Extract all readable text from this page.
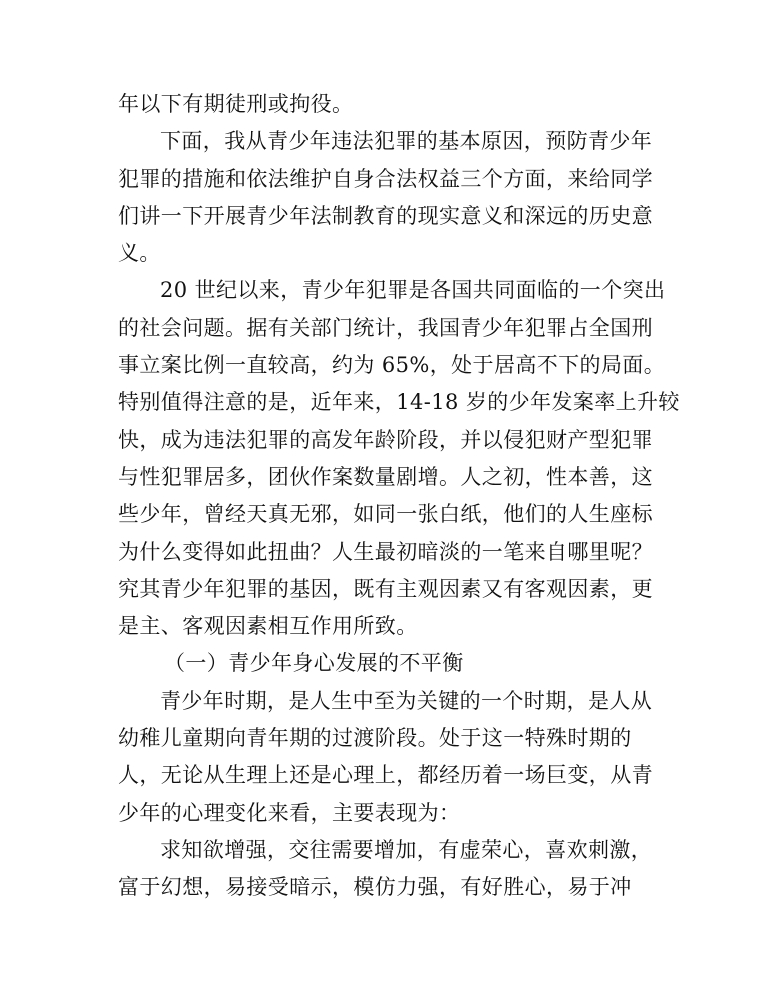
年以下有期徒刑或拘役。
下面，我从青少年违法犯罪的基本原因，预防青少年
犯罪的措施和依法维护自身合法权益三个方面，来给同学
们讲一下开展青少年法制教育的现实意义和深远的历史意
义。
20 世纪以来，青少年犯罪是各国共同面临的一个突出
的社会问题。据有关部门统计，我国青少年犯罪占全国刑
事立案比例一直较高，约为 65%，处于居高不下的局面。
特别值得注意的是，近年来，14-18 岁的少年发案率上升较
快，成为违法犯罪的高发年龄阶段，并以侵犯财产型犯罪
与性犯罪居多，团伙作案数量剧增。人之初，性本善，这
些少年，曾经天真无邪，如同一张白纸，他们的人生座标
为什么变得如此扭曲？人生最初暗淡的一笔来自哪里呢？
究其青少年犯罪的基因，既有主观因素又有客观因素，更
是主、客观因素相互作用所致。
（一）青少年身心发展的不平衡
青少年时期，是人生中至为关键的一个时期，是人从
幼稚儿童期向青年期的过渡阶段。处于这一特殊时期的
人，无论从生理上还是心理上，都经历着一场巨变，从青
少年的心理变化来看，主要表现为：
求知欲增强，交往需要增加，有虚荣心，喜欢刺激，
富于幻想，易接受暗示，模仿力强，有好胜心，易于冲
